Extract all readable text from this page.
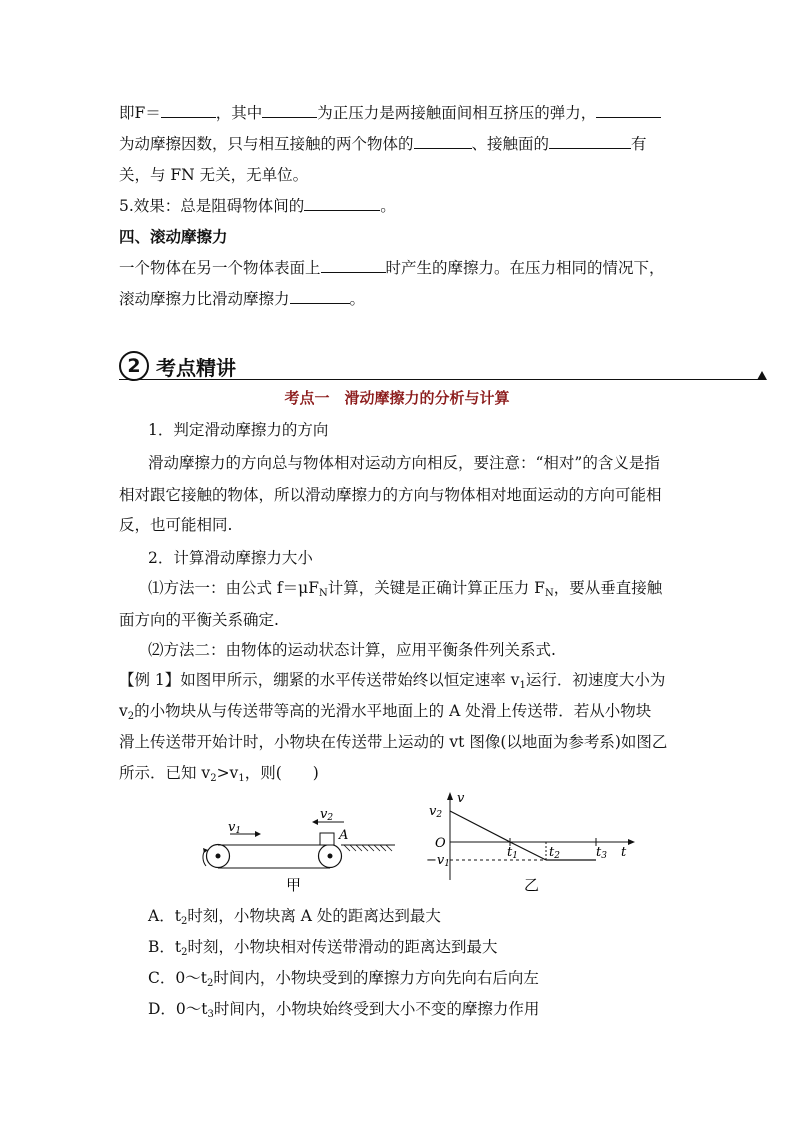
即F＝	，其中	为正压力是两接触面间相互挤压的弹力，
为动摩擦因数，只与相互接触的两个物体的	、接触面的	有
关，与 FN 无关，无单位。
5.效果：总是阻碍物体间的	。
四、滚动摩擦力
一个物体在另一个物体表面上	时产生的摩擦力。在压力相同的情况下，
滚动摩擦力比滑动摩擦力	。
2 考点精讲
考点一　滑动摩擦力的分析与计算
1．判定滑动摩擦力的方向
滑动摩擦力的方向总与物体相对运动方向相反，要注意：“相对”的含义是指
相对跟它接触的物体，所以滑动摩擦力的方向与物体相对地面运动的方向可能相
反，也可能相同.
2．计算滑动摩擦力大小
⑴方法一：由公式 $f=\mu F_N$计算，关键是正确计算正压力 $F_N$，要从垂直接触
面方向的平衡关系确定.
⑵方法二：由物体的运动状态计算，应用平衡条件列关系式.
【例 1】如图甲所示，绷紧的水平传送带始终以恒定速率 $v_1$运行．初速度大小为
$v_2$的小物块从与传送带等高的光滑水平地面上的 A 处滑上传送带．若从小物块
滑上传送带开始计时，小物块在传送带上运动的 vt 图像(以地面为参考系)如图乙
所示．已知 $v_2>v_1$，则(　　)
v1
v2
A
甲
v
t
O
v2
−v1
t1 t2	t3
乙
A．$t_2$时刻，小物块离 A 处的距离达到最大
B．$t_2$时刻，小物块相对传送带滑动的距离达到最大
C．$0\sim t_2$时间内，小物块受到的摩擦力方向先向右后向左
D．$0\sim t_3$时间内，小物块始终受到大小不变的摩擦力作用
